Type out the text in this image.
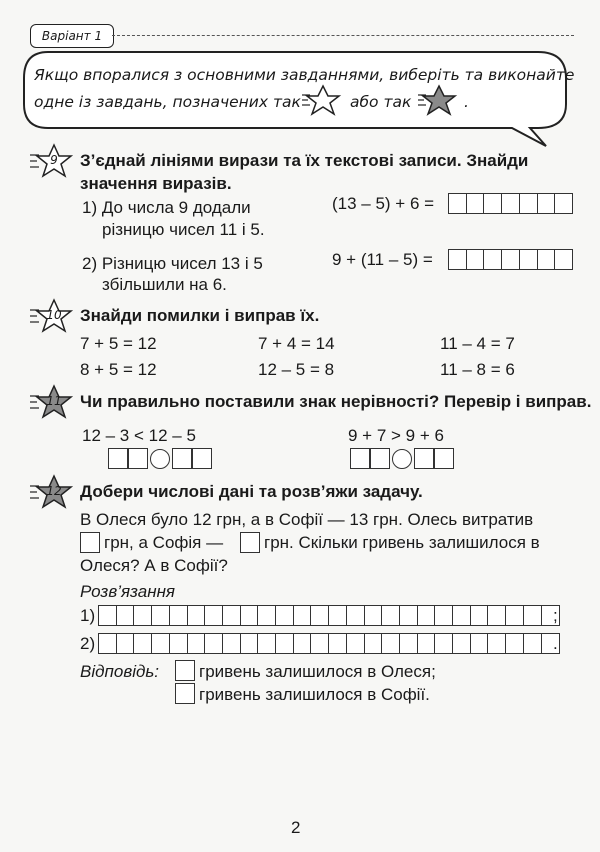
Варіант 1
Якщо впоралися з основними завданнями, виберіть та виконайте
одне із завдань, позначених так	або так	.
9	З’єднай лініями вирази та їх текстові записи. Знайди
значення виразів.
1) До числа 9 додали
різницю чисел 11 і 5.
2) Різницю чисел 13 і 5
збільшили на 6.
(13 – 5) + 6 =
9 + (11 – 5) =
10 Знайди помилки і виправ їх.
7 + 5 = 12	7 + 4 = 14	11 – 4 = 7
8 + 5 = 12	12 – 5 = 8	11 – 8 = 6
11 Чи правильно поставили знак нерівності? Перевір і виправ.
12 – 3 < 12 – 5	9 + 7 > 9 + 6
12 Добери числові дані та розв’яжи задачу.
В Олеся було 12 грн, а в Софії — 13 грн. Олесь витратив
грн, а Софія — грн. Скільки гривень залишилося в
Олеся? А в Софії?
Розв’язання
1)	;
2)	.
Відповідь: гривень залишилося в Олеся;
гривень залишилося в Софії.
2
